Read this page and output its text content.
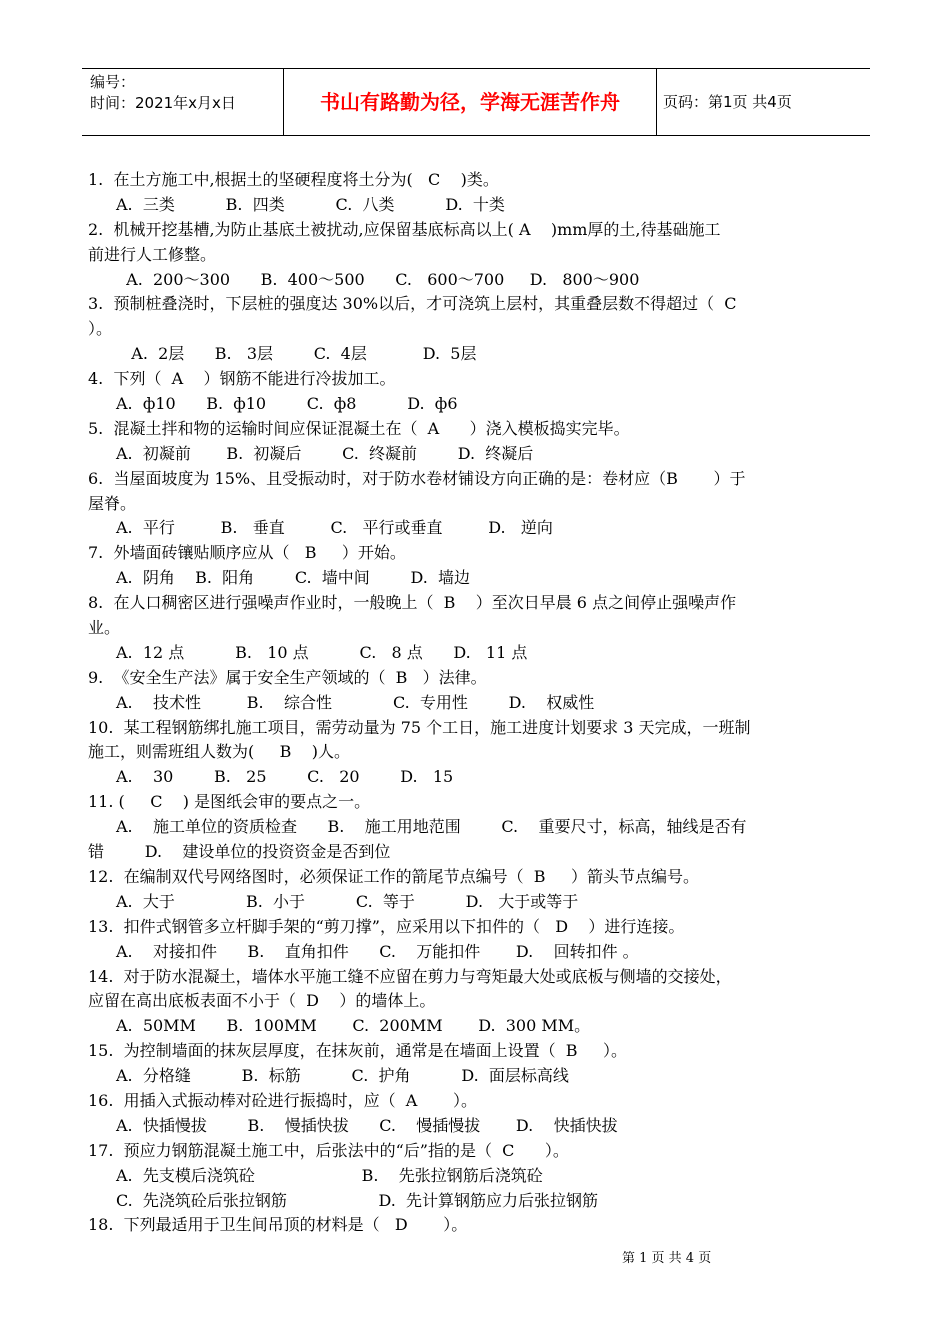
编号：
时间：2021年x月x日	书山有路勤为径，学海无涯苦作舟	页码：第1页 共4页
1.  在土方施工中,根据土的坚硬程度将土分为(   C    )类。
A.  三类          B.  四类          C.  八类          D.  十类
2.  机械开挖基槽,为防止基底土被扰动,应保留基底标高以上( A    )mm厚的土,待基础施工
前进行人工修整。
A.  200～300      B.  400～500      C.   600～700     D.   800～900
3.  预制桩叠浇时，下层桩的强度达 30%以后，才可浇筑上层村，其重叠层数不得超过（  C
）。
A.  2层      B.   3层        C.  4层           D.  5层
4.  下列（  A    ）钢筋不能进行冷拔加工。
A.  ф10      B.  ф10        C.  ф8          D.  ф6
5.  混凝土拌和物的运输时间应保证混凝土在（  A      ）浇入模板捣实完毕。
A.  初凝前       B.  初凝后        C.  终凝前        D.  终凝后
6.  当屋面坡度为 15%、且受振动时，对于防水卷材铺设方向正确的是：卷材应（B       ）于
屋脊。
A.  平行         B.   垂直         C.   平行或垂直         D.   逆向
7.  外墙面砖镶贴顺序应从（   B     ）开始。
A.  阴角    B.  阳角        C.  墙中间        D.  墙边
8.  在人口稠密区进行强噪声作业时，一般晚上（  B    ）至次日早晨 6 点之间停止强噪声作
业。
A.  12 点          B.   10 点          C.   8 点      D.   11 点
9.  《安全生产法》属于安全生产领域的（  B   ）法律。
A.    技术性         B.    综合性            C.  专用性        D.    权威性
10.  某工程钢筋绑扎施工项目，需劳动量为 75 个工日，施工进度计划要求 3 天完成，一班制
施工，则需班组人数为(     B    )人。
A.    30        B.   25        C.   20        D.   15
11. (     C    ) 是图纸会审的要点之一。
A.    施工单位的资质检查      B.    施工用地范围        C.    重要尺寸，标高，轴线是否有
错        D.    建设单位的投资资金是否到位
12.  在编制双代号网络图时，必须保证工作的箭尾节点编号（  B     ）箭头节点编号。
A.  大于              B.  小于          C.  等于          D.   大于或等于
13.  扣件式钢管多立杆脚手架的“剪刀撑”，应采用以下扣件的（   D    ）进行连接。
A.    对接扣件      B.    直角扣件      C.    万能扣件       D.    回转扣件 。
14.  对于防水混凝土，墙体水平施工缝不应留在剪力与弯矩最大处或底板与侧墙的交接处，
应留在高出底板表面不小于（  D    ）的墙体上。
A.  50MM      B.  100MM       C.  200MM       D.  300 MM。
15.  为控制墙面的抹灰层厚度，在抹灰前，通常是在墙面上设置（  B     ）。
A.  分格缝          B.  标筋          C.  护角          D.  面层标高线
16.  用插入式振动棒对砼进行振捣时，应（  A       ）。
A.  快插慢拔        B.    慢插快拔      C.    慢插慢拔       D.    快插快拔
17.  预应力钢筋混凝土施工中，后张法中的“后”指的是（  C      ）。
A.  先支模后浇筑砼                     B.    先张拉钢筋后浇筑砼
C.  先浇筑砼后张拉钢筋                  D.  先计算钢筋应力后张拉钢筋
18.  下列最适用于卫生间吊顶的材料是（   D       ）。
第 1 页 共 4 页
